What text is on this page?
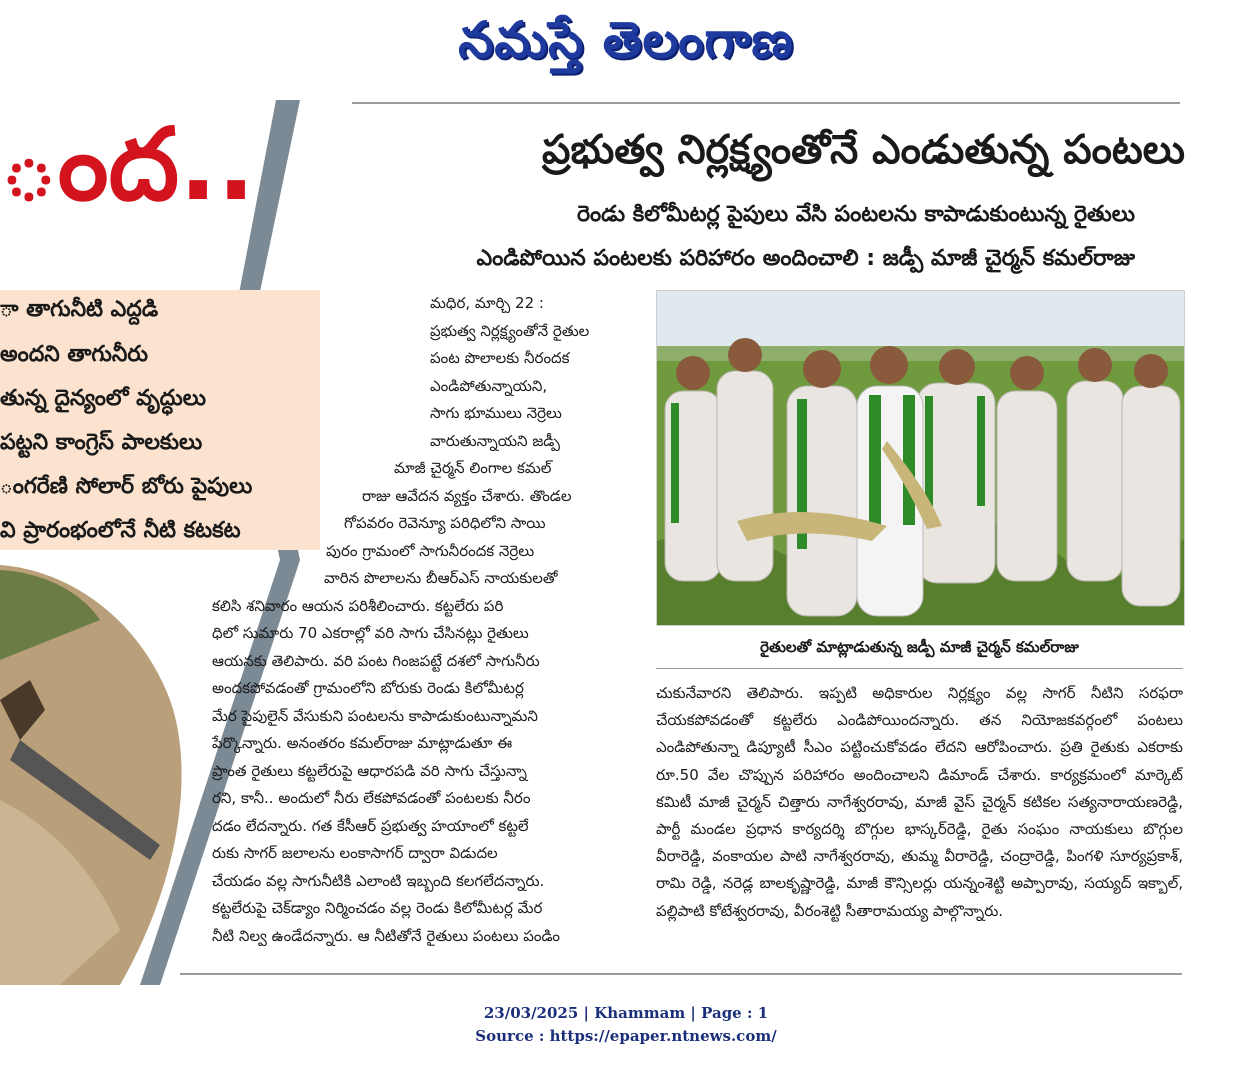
నమస్తే తెలంగాణ
ంద..
ా తాగునీటి ఎద్దడి
అందని తాగునీరు
తున్న దైన్యంలో వృద్ధులు
పట్టని కాంగ్రెస్ పాలకులు
ంగరేణి సోలార్ బోరు పైపులు
వి ప్రారంభంలోనే నీటి కటకట
ప్రభుత్వ నిర్లక్ష్యంతోనే ఎండుతున్న పంటలు
రెండు కిలోమీటర్ల పైపులు వేసి పంటలను కాపాడుకుంటున్న రైతులు
ఎండిపోయిన పంటలకు పరిహారం అందించాలి : జడ్పీ మాజీ చైర్మన్ కమల్‌రాజు
మధిర, మార్చి 22 :
ప్రభుత్వ నిర్లక్ష్యంతోనే రైతుల
పంట పొలాలకు నీరందక
ఎండిపోతున్నాయని,
సాగు భూములు నెర్రెలు
వారుతున్నాయని జడ్పీ
మాజీ చైర్మన్ లింగాల కమల్
రాజు ఆవేదన వ్యక్తం చేశారు. తొండల
గోపవరం రెవెన్యూ పరిధిలోని సాయి
పురం గ్రామంలో సాగునీరందక నెర్రెలు
వారిన పొలాలను బీఆర్ఎస్ నాయకులతో
కలిసి శనివారం ఆయన పరిశీలించారు. కట్టలేరు పరి
ధిలో సుమారు 70 ఎకరాల్లో వరి సాగు చేసినట్లు రైతులు
ఆయనకు తెలిపారు. వరి పంట గింజపట్టే దశలో సాగునీరు
అందకపోవడంతో గ్రామంలోని బోరుకు రెండు కిలోమీటర్ల
మేర పైపులైన్ వేసుకుని పంటలను కాపాడుకుంటున్నామని
పేర్కొన్నారు. అనంతరం కమల్‌రాజు మాట్లాడుతూ ఈ
ప్రాంత రైతులు కట్టలేరుపై ఆధారపడి వరి సాగు చేస్తున్నా
రని, కానీ.. అందులో నీరు లేకపోవడంతో పంటలకు నీరం
దడం లేదన్నారు. గత కేసీఆర్ ప్రభుత్వ హయాంలో కట్టలే
రుకు సాగర్ జలాలను లంకాసాగర్ ద్వారా విడుదల
చేయడం వల్ల సాగునీటికి ఎలాంటి ఇబ్బంది కలగలేదన్నారు.
కట్టలేరుపై చెక్‌డ్యాం నిర్మించడం వల్ల రెండు కిలోమీటర్ల మేర
నీటి నిల్వ ఉండేదన్నారు. ఆ నీటితోనే రైతులు పంటలు పండిం
రైతులతో మాట్లాడుతున్న జడ్పీ మాజీ చైర్మన్ కమల్‌రాజు
చుకునేవారని తెలిపారు. ఇప్పటి అధికారుల నిర్లక్ష్యం వల్ల సాగర్ నీటిని సరఫరా చేయకపోవడంతో కట్టలేరు ఎండిపోయిందన్నారు. తన నియోజకవర్గంలో పంటలు ఎండిపోతున్నా డిప్యూటీ సీఎం పట్టించుకోవడం లేదని ఆరోపించారు. ప్రతి రైతుకు ఎకరాకు రూ.50 వేల చొప్పున పరిహారం అందించాలని డిమాండ్ చేశారు. కార్యక్రమంలో మార్కెట్ కమిటీ మాజీ చైర్మన్ చిత్తారు నాగేశ్వరరావు, మాజీ వైస్ చైర్మన్ కటికల సత్యనారాయణరెడ్డి, పార్టీ మండల ప్రధాన కార్యదర్శి బొగ్గుల భాస్కర్‌రెడ్డి, రైతు సంఘం నాయకులు బొగ్గుల వీరారెడ్డి, వంకాయల పాటి నాగేశ్వరరావు, తుమ్మ వీరారెడ్డి, చంద్రారెడ్డి, పింగళి సూర్యప్రకాశ్, రామి రెడ్డి, నరెడ్ల బాలకృష్ణారెడ్డి, మాజీ కౌన్సిలర్లు యన్నంశెట్టి అప్పారావు, సయ్యద్ ఇక్బాల్, పల్లిపాటి కోటేశ్వరరావు, వీరంశెట్టి సీతారామయ్య పాల్గొన్నారు.
23/03/2025 | Khammam | Page : 1
Source : https://epaper.ntnews.com/
